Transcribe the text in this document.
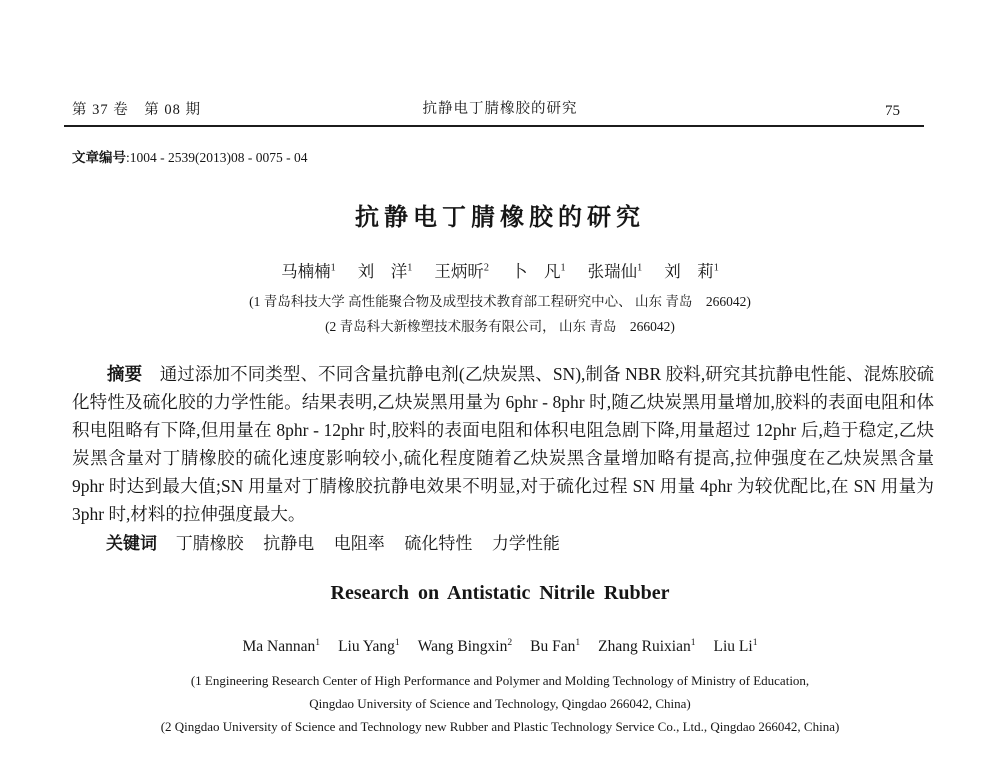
第 37 卷　第 08 期	抗静电丁腈橡胶的研究	75
文章编号:1004 - 2539(2013)08 - 0075 - 04
抗静电丁腈橡胶的研究
马楠楠$^1$ 刘　洋$^1$ 王炳昕$^2$ 卜　凡$^1$ 张瑞仙$^1$ 刘　莉$^1$
(1 青岛科技大学 高性能聚合物及成型技术教育部工程研究中心、 山东 青岛　266042)
(2 青岛科大新橡塑技术服务有限公司， 山东 青岛　266042)
摘要 通过添加不同类型、不同含量抗静电剂(乙炔炭黑、SN),制备 NBR 胶料,研究其抗静电性能、混炼胶硫化特性及硫化胶的力学性能。结果表明,乙炔炭黑用量为 6phr - 8phr 时,随乙炔炭黑用量增加,胶料的表面电阻和体积电阻略有下降,但用量在 8phr - 12phr 时,胶料的表面电阻和体积电阻急剧下降,用量超过 12phr 后,趋于稳定,乙炔炭黑含量对丁腈橡胶的硫化速度影响较小,硫化程度随着乙炔炭黑含量增加略有提高,拉伸强度在乙炔炭黑含量 9phr 时达到最大值;SN 用量对丁腈橡胶抗静电效果不明显,对于硫化过程 SN 用量 4phr 为较优配比,在 SN 用量为 3phr 时,材料的拉伸强度最大。
关键词 丁腈橡胶 抗静电 电阻率 硫化特性 力学性能
Research on Antistatic Nitrile Rubber
Ma Nannan$^1$ Liu Yang$^1$ Wang Bingxin$^2$ Bu Fan$^1$ Zhang Ruixian$^1$ Liu Li$^1$
(1 Engineering Research Center of High Performance and Polymer and Molding Technology of Ministry of Education,
Qingdao University of Science and Technology, Qingdao 266042, China)
(2 Qingdao University of Science and Technology new Rubber and Plastic Technology Service Co., Ltd., Qingdao 266042, China)
